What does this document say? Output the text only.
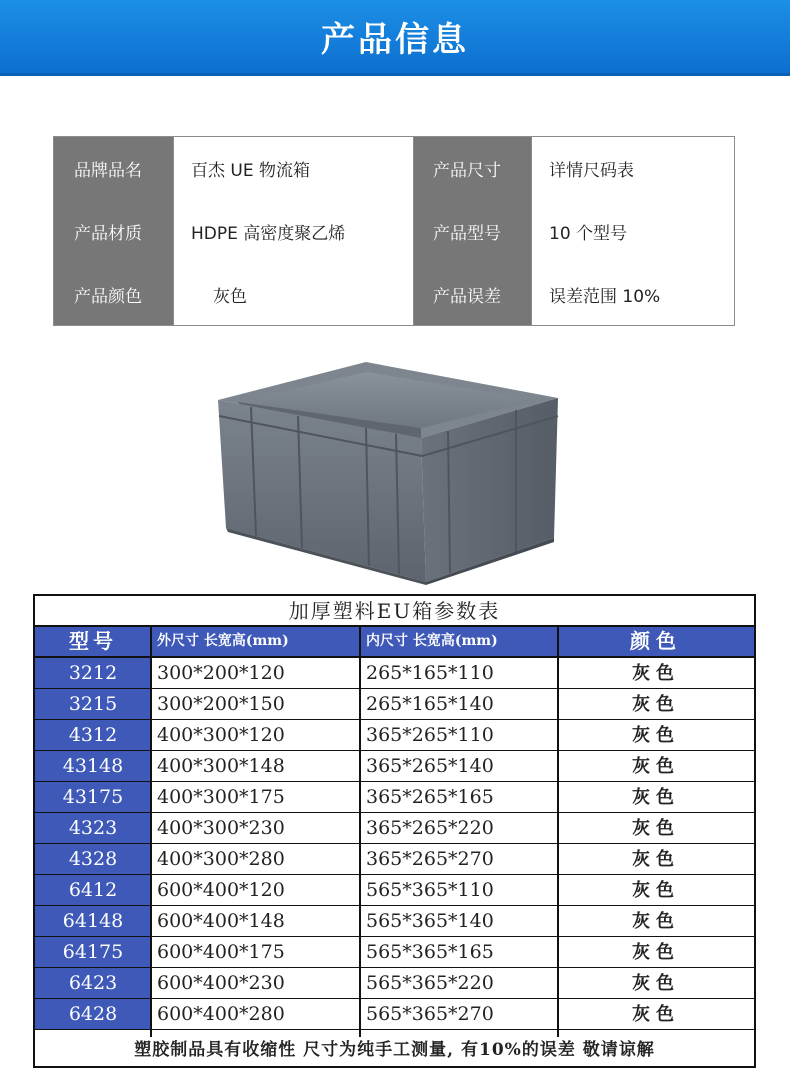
产品信息
品牌品名	百杰 UE 物流箱	产品尺寸	详情尺码表
产品材质	HDPE 高密度聚乙烯	产品型号	10 个型号
产品颜色	灰色	产品误差	误差范围 10%
加厚塑料EU箱参数表
型号	外尺寸 长宽高(mm)	内尺寸 长宽高(mm)	颜色
3212	300*200*120	265*165*110	灰色
3215	300*200*150	265*165*140	灰色
4312	400*300*120	365*265*110	灰色
43148	400*300*148	365*265*140	灰色
43175	400*300*175	365*265*165	灰色
4323	400*300*230	365*265*220	灰色
4328	400*300*280	365*265*270	灰色
6412	600*400*120	565*365*110	灰色
64148	600*400*148	565*365*140	灰色
64175	600*400*175	565*365*165	灰色
6423	600*400*230	565*365*220	灰色
6428	600*400*280	565*365*270	灰色
塑胶制品具有收缩性 尺寸为纯手工测量, 有10%的误差 敬请谅解
